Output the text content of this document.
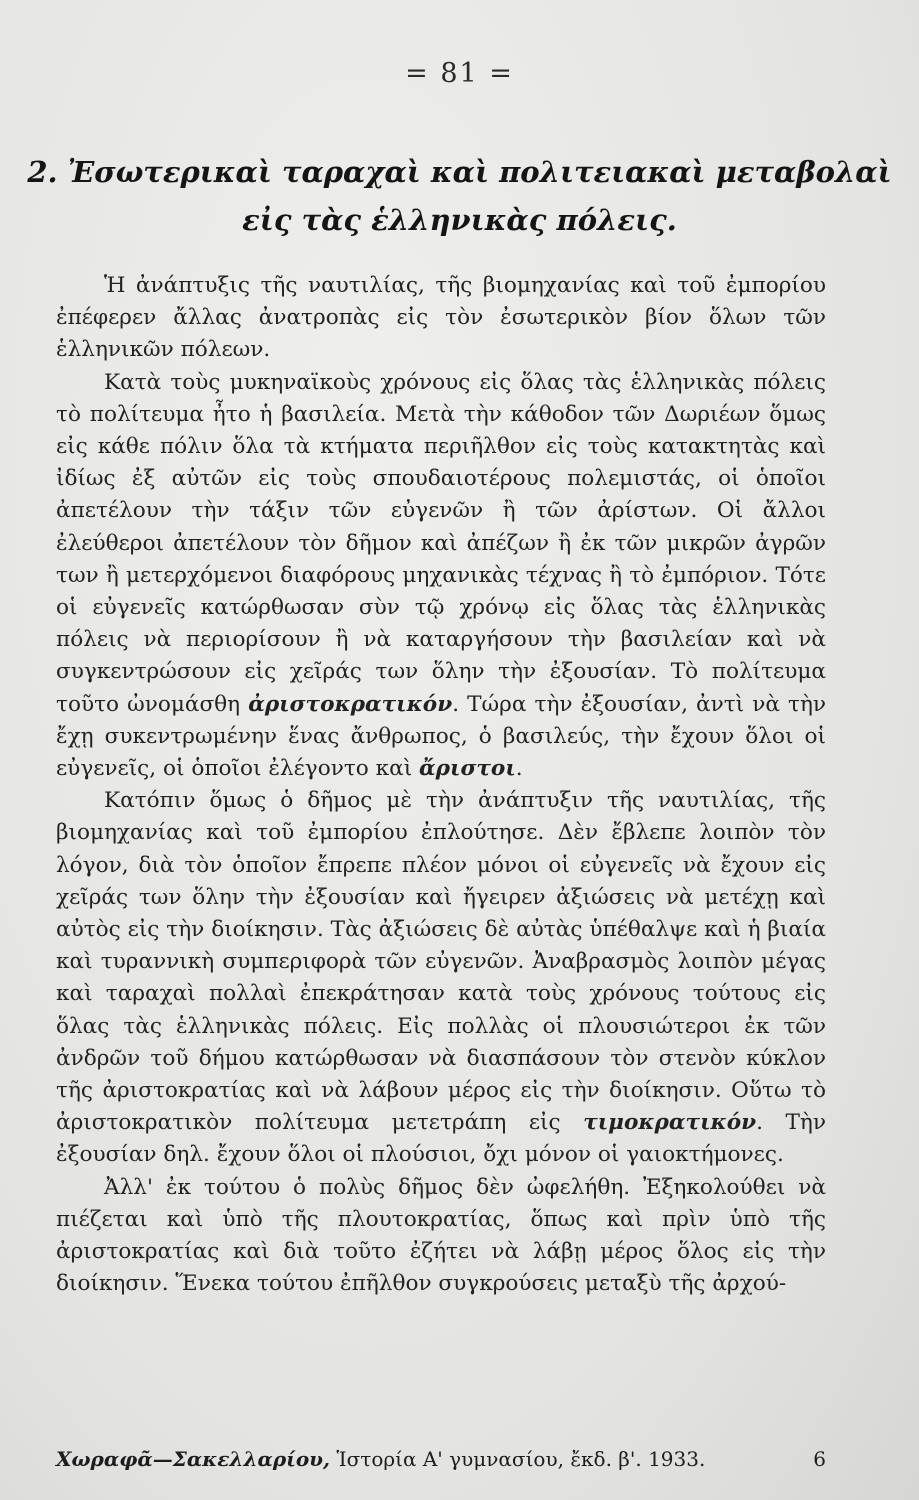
= 81 =
2. Ἐσωτερικαὶ ταραχαὶ καὶ πολιτειακαὶ μεταβολαὶ
εἰς τὰς ἑλληνικὰς πόλεις.

Ἡ ἀνάπτυξις τῆς ναυτιλίας, τῆς βιομηχανίας καὶ τοῦ ἐμπορίου ἐπέφερεν ἄλλας ἀνατροπὰς εἰς τὸν ἐσωτερικὸν βίον ὅλων τῶν ἑλληνικῶν πόλεων.

Κατὰ τοὺς μυκηναϊκοὺς χρόνους εἰς ὅλας τὰς ἑλληνικὰς πόλεις τὸ πολίτευμα ἦτο ἡ βασιλεία. Μετὰ τὴν κάθοδον τῶν Δωριέων ὅμως εἰς κάθε πόλιν ὅλα τὰ κτήματα περιῆλθον εἰς τοὺς κατακτητὰς καὶ ἰδίως ἐξ αὐτῶν εἰς τοὺς σπουδαιοτέρους πολεμιστάς, οἱ ὁποῖοι ἀπετέλουν τὴν τάξιν τῶν εὐγενῶν ἢ τῶν ἀρίστων. Οἱ ἄλλοι ἐλεύθεροι ἀπετέλουν τὸν δῆμον καὶ ἀπέζων ἢ ἐκ τῶν μικρῶν ἀγρῶν των ἢ μετερχόμενοι διαφόρους μηχανικὰς τέχνας ἢ τὸ ἐμπόριον. Τότε οἱ εὐγενεῖς κατώρθωσαν σὺν τῷ χρόνῳ εἰς ὅλας τὰς ἑλληνικὰς πόλεις νὰ περιορίσουν ἢ νὰ καταργήσουν τὴν βασιλείαν καὶ νὰ συγκεντρώσουν εἰς χεῖράς των ὅλην τὴν ἐξουσίαν. Τὸ πολίτευμα τοῦτο ὠνομάσθη ἀριστοκρατικόν. Τώρα τὴν ἐξουσίαν, ἀντὶ νὰ τὴν ἔχῃ συκεντρωμένην ἕνας ἄνθρωπος, ὁ βασιλεύς, τὴν ἔχουν ὅλοι οἱ εὐγενεῖς, οἱ ὁποῖοι ἐλέγοντο καὶ ἄριστοι.

Κατόπιν ὅμως ὁ δῆμος μὲ τὴν ἀνάπτυξιν τῆς ναυτιλίας, τῆς βιομηχανίας καὶ τοῦ ἐμπορίου ἐπλούτησε. Δὲν ἔβλεπε λοιπὸν τὸν λόγον, διὰ τὸν ὁποῖον ἔπρεπε πλέον μόνοι οἱ εὐγενεῖς νὰ ἔχουν εἰς χεῖράς των ὅλην τὴν ἐξουσίαν καὶ ἤγειρεν ἀξιώσεις νὰ μετέχῃ καὶ αὐτὸς εἰς τὴν διοίκησιν. Τὰς ἀξιώσεις δὲ αὐτὰς ὑπέθαλψε καὶ ἡ βιαία καὶ τυραννικὴ συμπεριφορὰ τῶν εὐγενῶν. Ἀναβρασμὸς λοιπὸν μέγας καὶ ταραχαὶ πολλαὶ ἐπεκράτησαν κατὰ τοὺς χρόνους τούτους εἰς ὅλας τὰς ἑλληνικὰς πόλεις. Εἰς πολλὰς οἱ πλουσιώτεροι ἐκ τῶν ἀνδρῶν τοῦ δήμου κατώρθωσαν νὰ διασπάσουν τὸν στενὸν κύκλον τῆς ἀριστοκρατίας καὶ νὰ λάβουν μέρος εἰς τὴν διοίκησιν. Οὕτω τὸ ἀριστοκρατικὸν πολίτευμα μετετράπη εἰς τιμοκρατικόν. Τὴν ἐξουσίαν δηλ. ἔχουν ὅλοι οἱ πλούσιοι, ὄχι μόνον οἱ γαιοκτήμονες.

Ἀλλ' ἐκ τούτου ὁ πολὺς δῆμος δὲν ὠφελήθη. Ἐξηκολούθει νὰ πιέζεται καὶ ὑπὸ τῆς πλουτοκρατίας, ὅπως καὶ πρὶν ὑπὸ τῆς ἀριστοκρατίας καὶ διὰ τοῦτο ἐζήτει νὰ λάβῃ μέρος ὅλος εἰς τὴν διοίκησιν. Ἕνεκα τούτου ἐπῆλθον συγκρούσεις μεταξὺ τῆς ἀρχού-

Χωραφᾶ—Σακελλαρίου, Ἱστορία Α' γυμνασίου, ἔκδ. β'. 1933.	6
